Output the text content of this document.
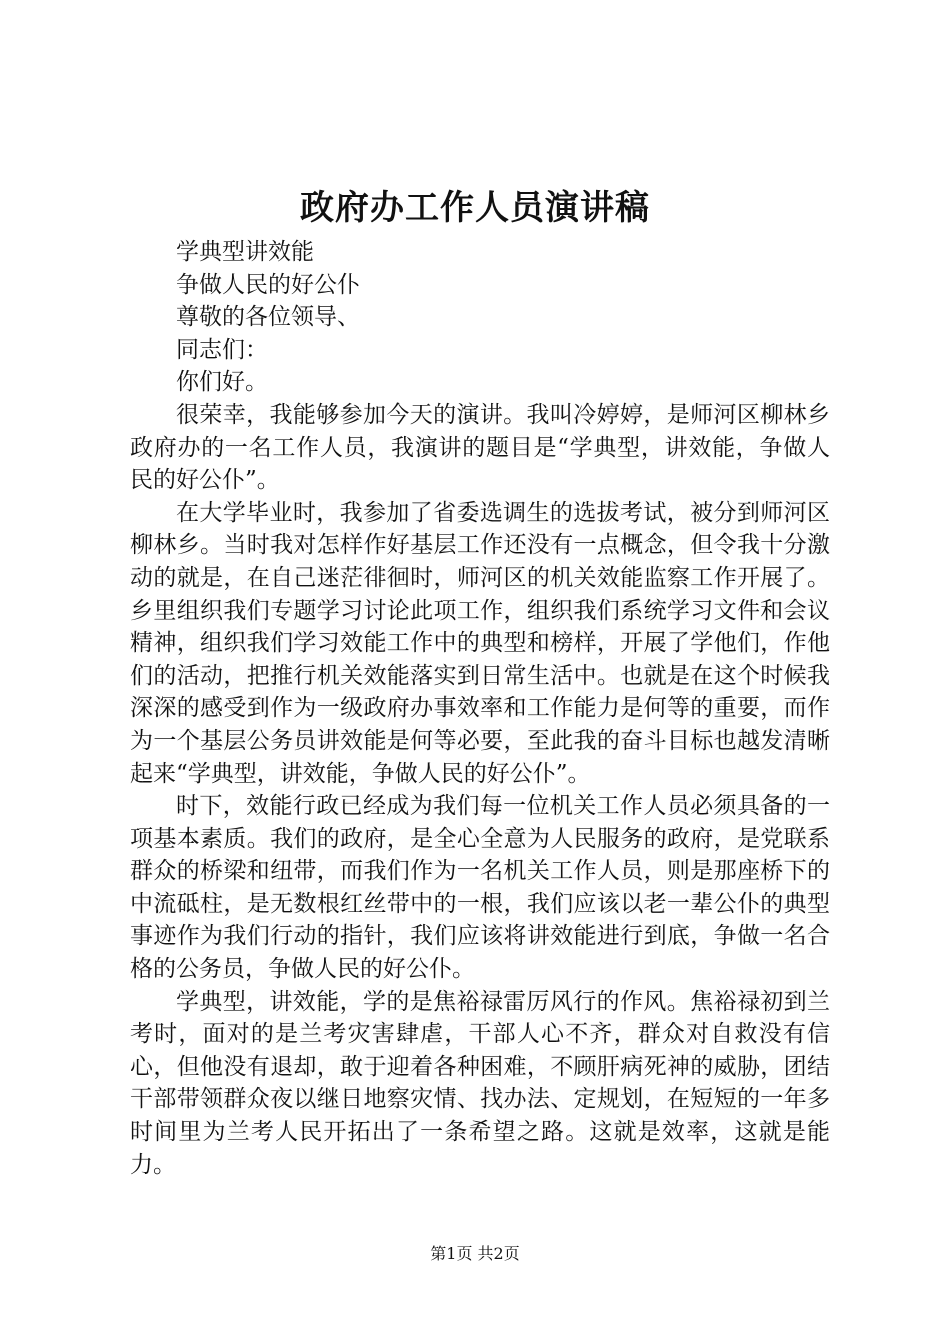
政府办工作人员演讲稿

学典型讲效能

争做人民的好公仆

尊敬的各位领导、

同志们：

你们好。

很荣幸，我能够参加今天的演讲。我叫冷婷婷，是师河区柳林乡政府办的一名工作人员，我演讲的题目是“学典型，讲效能，争做人民的好公仆”。

在大学毕业时，我参加了省委选调生的选拔考试，被分到师河区柳林乡。当时我对怎样作好基层工作还没有一点概念，但令我十分激动的就是，在自己迷茫徘徊时，师河区的机关效能监察工作开展了。乡里组织我们专题学习讨论此项工作，组织我们系统学习文件和会议精神，组织我们学习效能工作中的典型和榜样，开展了学他们，作他们的活动，把推行机关效能落实到日常生活中。也就是在这个时候我深深的感受到作为一级政府办事效率和工作能力是何等的重要，而作为一个基层公务员讲效能是何等必要，至此我的奋斗目标也越发清晰起来“学典型，讲效能，争做人民的好公仆”。

时下，效能行政已经成为我们每一位机关工作人员必须具备的一项基本素质。我们的政府，是全心全意为人民服务的政府，是党联系群众的桥梁和纽带，而我们作为一名机关工作人员，则是那座桥下的中流砥柱，是无数根红丝带中的一根，我们应该以老一辈公仆的典型事迹作为我们行动的指针，我们应该将讲效能进行到底，争做一名合格的公务员，争做人民的好公仆。

学典型，讲效能，学的是焦裕禄雷厉风行的作风。焦裕禄初到兰考时，面对的是兰考灾害肆虐，干部人心不齐，群众对自救没有信心，但他没有退却，敢于迎着各种困难，不顾肝病死神的威胁，团结干部带领群众夜以继日地察灾情、找办法、定规划，在短短的一年多时间里为兰考人民开拓出了一条希望之路。这就是效率，这就是能力。

第1页 共2页
